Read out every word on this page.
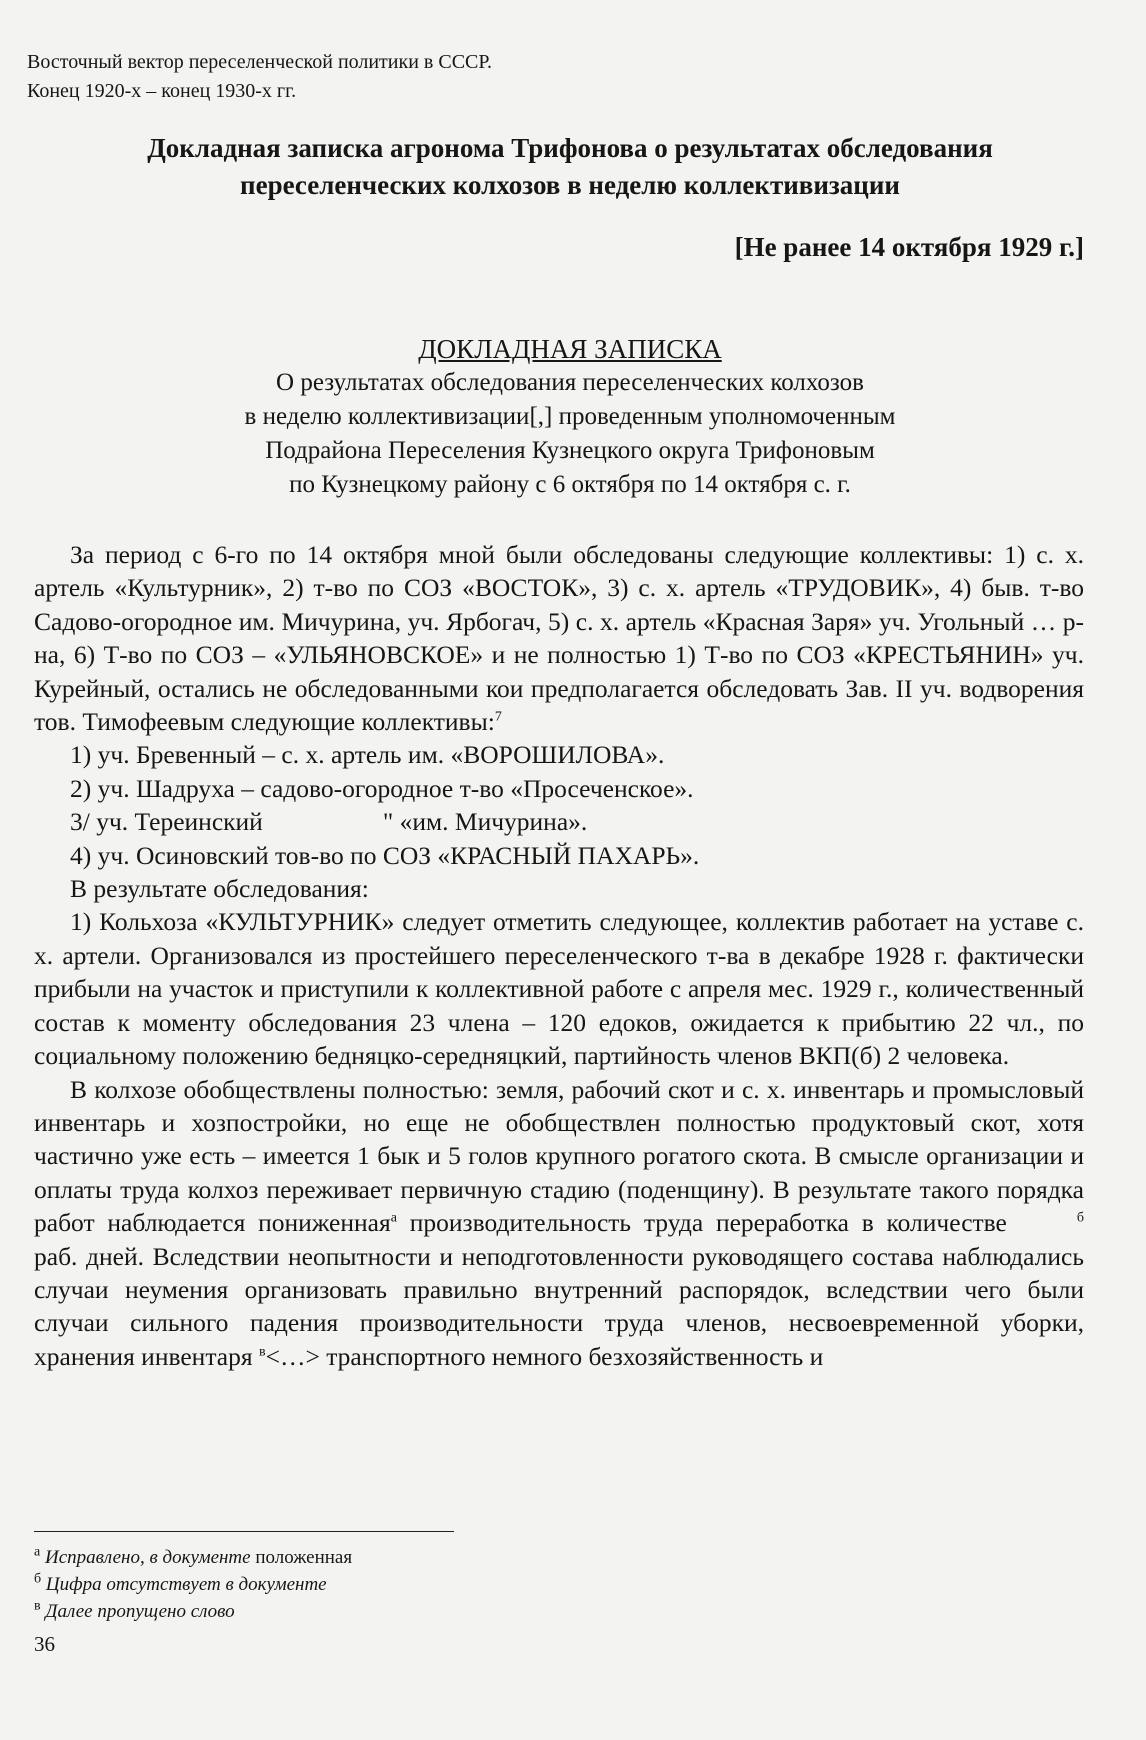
Восточный вектор переселенческой политики в СССР.
Конец 1920-х – конец 1930-х гг.
Докладная записка агронома Трифонова о результатах обследования
переселенческих колхозов в неделю коллективизации
[Не ранее 14 октября 1929 г.]
ДОКЛАДНАЯ ЗАПИСКА
О результатах обследования переселенческих колхозов
в неделю коллективизации[,] проведенным уполномоченным
Подрайона Переселения Кузнецкого округа Трифоновым
по Кузнецкому району с 6 октября по 14 октября с. г.

За период с 6-го по 14 октября мной были обследованы следующие коллективы: 1) с. х. артель «Культурник», 2) т-во по СОЗ «ВОСТОК», 3) с. х. артель «ТРУДОВИК», 4) быв. т-во Садово-огородное им. Мичурина, уч. Ярбогач, 5) с. х. артель «Красная Заря» уч. Угольный … р-на, 6) Т-во по СОЗ – «УЛЬЯНОВСКОЕ» и не полностью 1) Т-во по СОЗ «КРЕСТЬЯНИН» уч. Курейный, остались не обследованными кои предполагается обследовать Зав. II уч. водворения тов. Тимофеевым следующие коллективы:$^7$

1) уч. Бревенный – с. х. артель им. «ВОРОШИЛОВА».

2) уч. Шадруха – садово-огородное т-во «Просеченское».

3/ уч. Тереинский	" «им. Мичурина».

4) уч. Осиновский тов-во по СОЗ «КРАСНЫЙ ПАХАРЬ».

В результате обследования:

1) Кольхоза «КУЛЬТУРНИК» следует отметить следующее, коллектив работает на уставе с. х. артели. Организовался из простейшего переселенческого т-ва в декабре 1928 г. фактически прибыли на участок и приступили к коллективной работе с апреля мес. 1929 г., количественный состав к моменту обследования 23 члена – 120 едоков, ожидается к прибытию 22 чл., по социальному положению бедняцко-середняцкий, партийность членов ВКП(б) 2 человека.

В колхозе обобществлены полностью: земля, рабочий скот и с. х. инвентарь и промысловый инвентарь и хозпостройки, но еще не обобществлен полностью продуктовый скот, хотя частично уже есть – имеется 1 бык и 5 голов крупного рогатого скота. В смысле организации и оплаты труда колхоз переживает первичную стадию (поденщину). В результате такого порядка работ наблюдается пониженная$^а$ производительность труда переработка в количестве	$^б$ раб. дней. Вследствии неопытности и неподготовленности руководящего состава наблюдались случаи неумения организовать правильно внутренний распорядок, вследствии чего были случаи сильного падения производительности труда членов, несвоевременной уборки, хранения инвентаря $^в$<…> транспортного немного безхозяйственность и

$^а$ Исправлено, в документе положенная
$^б$ Цифра отсутствует в документе
$^в$ Далее пропущено слово
36
